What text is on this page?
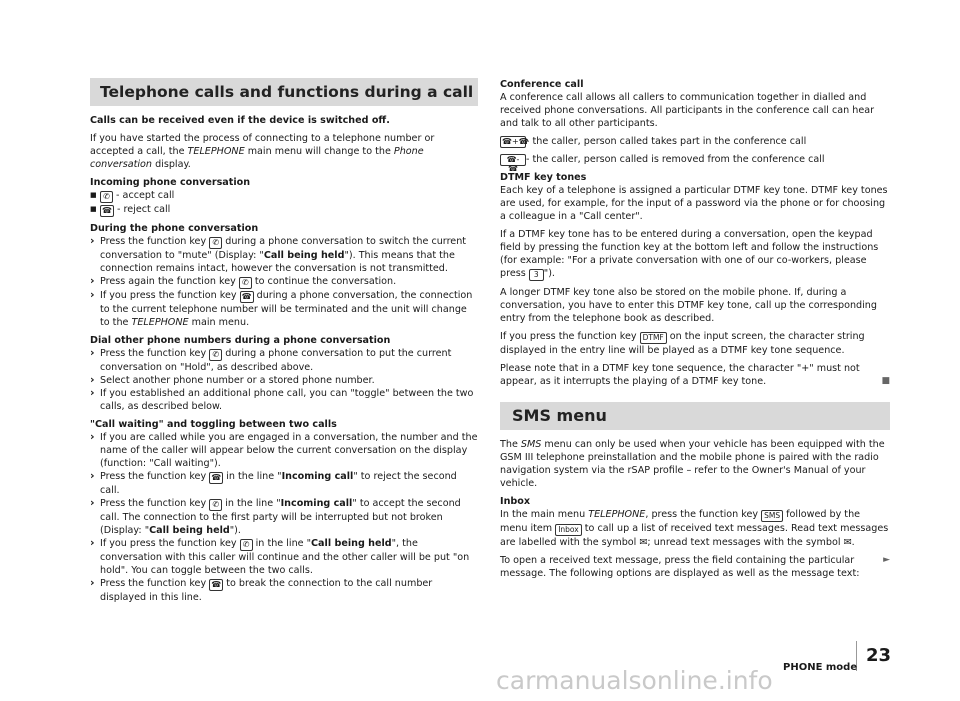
Telephone calls and functions during a call

Calls can be received even if the device is switched off.

If you have started the process of connecting to a telephone number or accepted a call, the TELEPHONE main menu will change to the Phone conversation display.

Incoming phone conversation

■ ✆ - accept call
■ ☎ - reject call

During the phone conversation

› Press the function key ✆ during a phone conversation to switch the current conversation to "mute" (Display: "Call being held"). This means that the connection remains intact, however the conversation is not transmitted.
› Press again the function key ✆ to continue the conversation.
› If you press the function key ☎ during a phone conversation, the connection to the current telephone number will be terminated and the unit will change to the TELEPHONE main menu.

Dial other phone numbers during a phone conversation

› Press the function key ✆ during a phone conversation to put the current conversation on "Hold", as described above.
› Select another phone number or a stored phone number.
› If you established an additional phone call, you can "toggle" between the two calls, as described below.

"Call waiting" and toggling between two calls

› If you are called while you are engaged in a conversation, the number and the name of the caller will appear below the current conversation on the display (function: "Call waiting").
› Press the function key ☎ in the line "Incoming call" to reject the second call.
› Press the function key ✆ in the line "Incoming call" to accept the second call. The connection to the first party will be interrupted but not broken (Display: "Call being held").
› If you press the function key ✆ in the line "Call being held", the conversation with this caller will continue and the other caller will be put "on hold". You can toggle between the two calls.
› Press the function key ☎ to break the connection to the call number displayed in this line.

Conference call

A conference call allows all callers to communication together in dialled and received phone conversations. All participants in the conference call can hear and talk to all other participants.

☎+☎
- the caller, person called takes part in the conference call
☎-☎
- the caller, person called is removed from the conference call

DTMF key tones

Each key of a telephone is assigned a particular DTMF key tone. DTMF key tones are used, for example, for the input of a password via the phone or for choosing a colleague in a "Call center".

If a DTMF key tone has to be entered during a conversation, open the keypad field by pressing the function key at the bottom left and follow the instructions (for example: "For a private conversation with one of our co-workers, please press 3 ").

A longer DTMF key tone also be stored on the mobile phone. If, during a conversation, you have to enter this DTMF key tone, call up the corresponding entry from the telephone book as described.

If you press the function key DTMF on the input screen, the character string displayed in the entry line will be played as a DTMF key tone sequence.

Please note that in a DTMF key tone sequence, the character "+" must not appear, as it interrupts the playing of a DTMF key tone.	■

SMS menu

The SMS menu can only be used when your vehicle has been equipped with the GSM III telephone preinstallation and the mobile phone is paired with the radio navigation system via the rSAP profile – refer to the Owner's Manual of your vehicle.

Inbox

In the main menu TELEPHONE, press the function key SMS followed by the menu item Inbox to call up a list of received text messages. Read text messages are labelled with the symbol ✉; unread text messages with the symbol ✉.

To open a received text message, press the field containing the particular message. The following options are displayed as well as the message text:
►

PHONE mode
23
carmanualsonline.info
